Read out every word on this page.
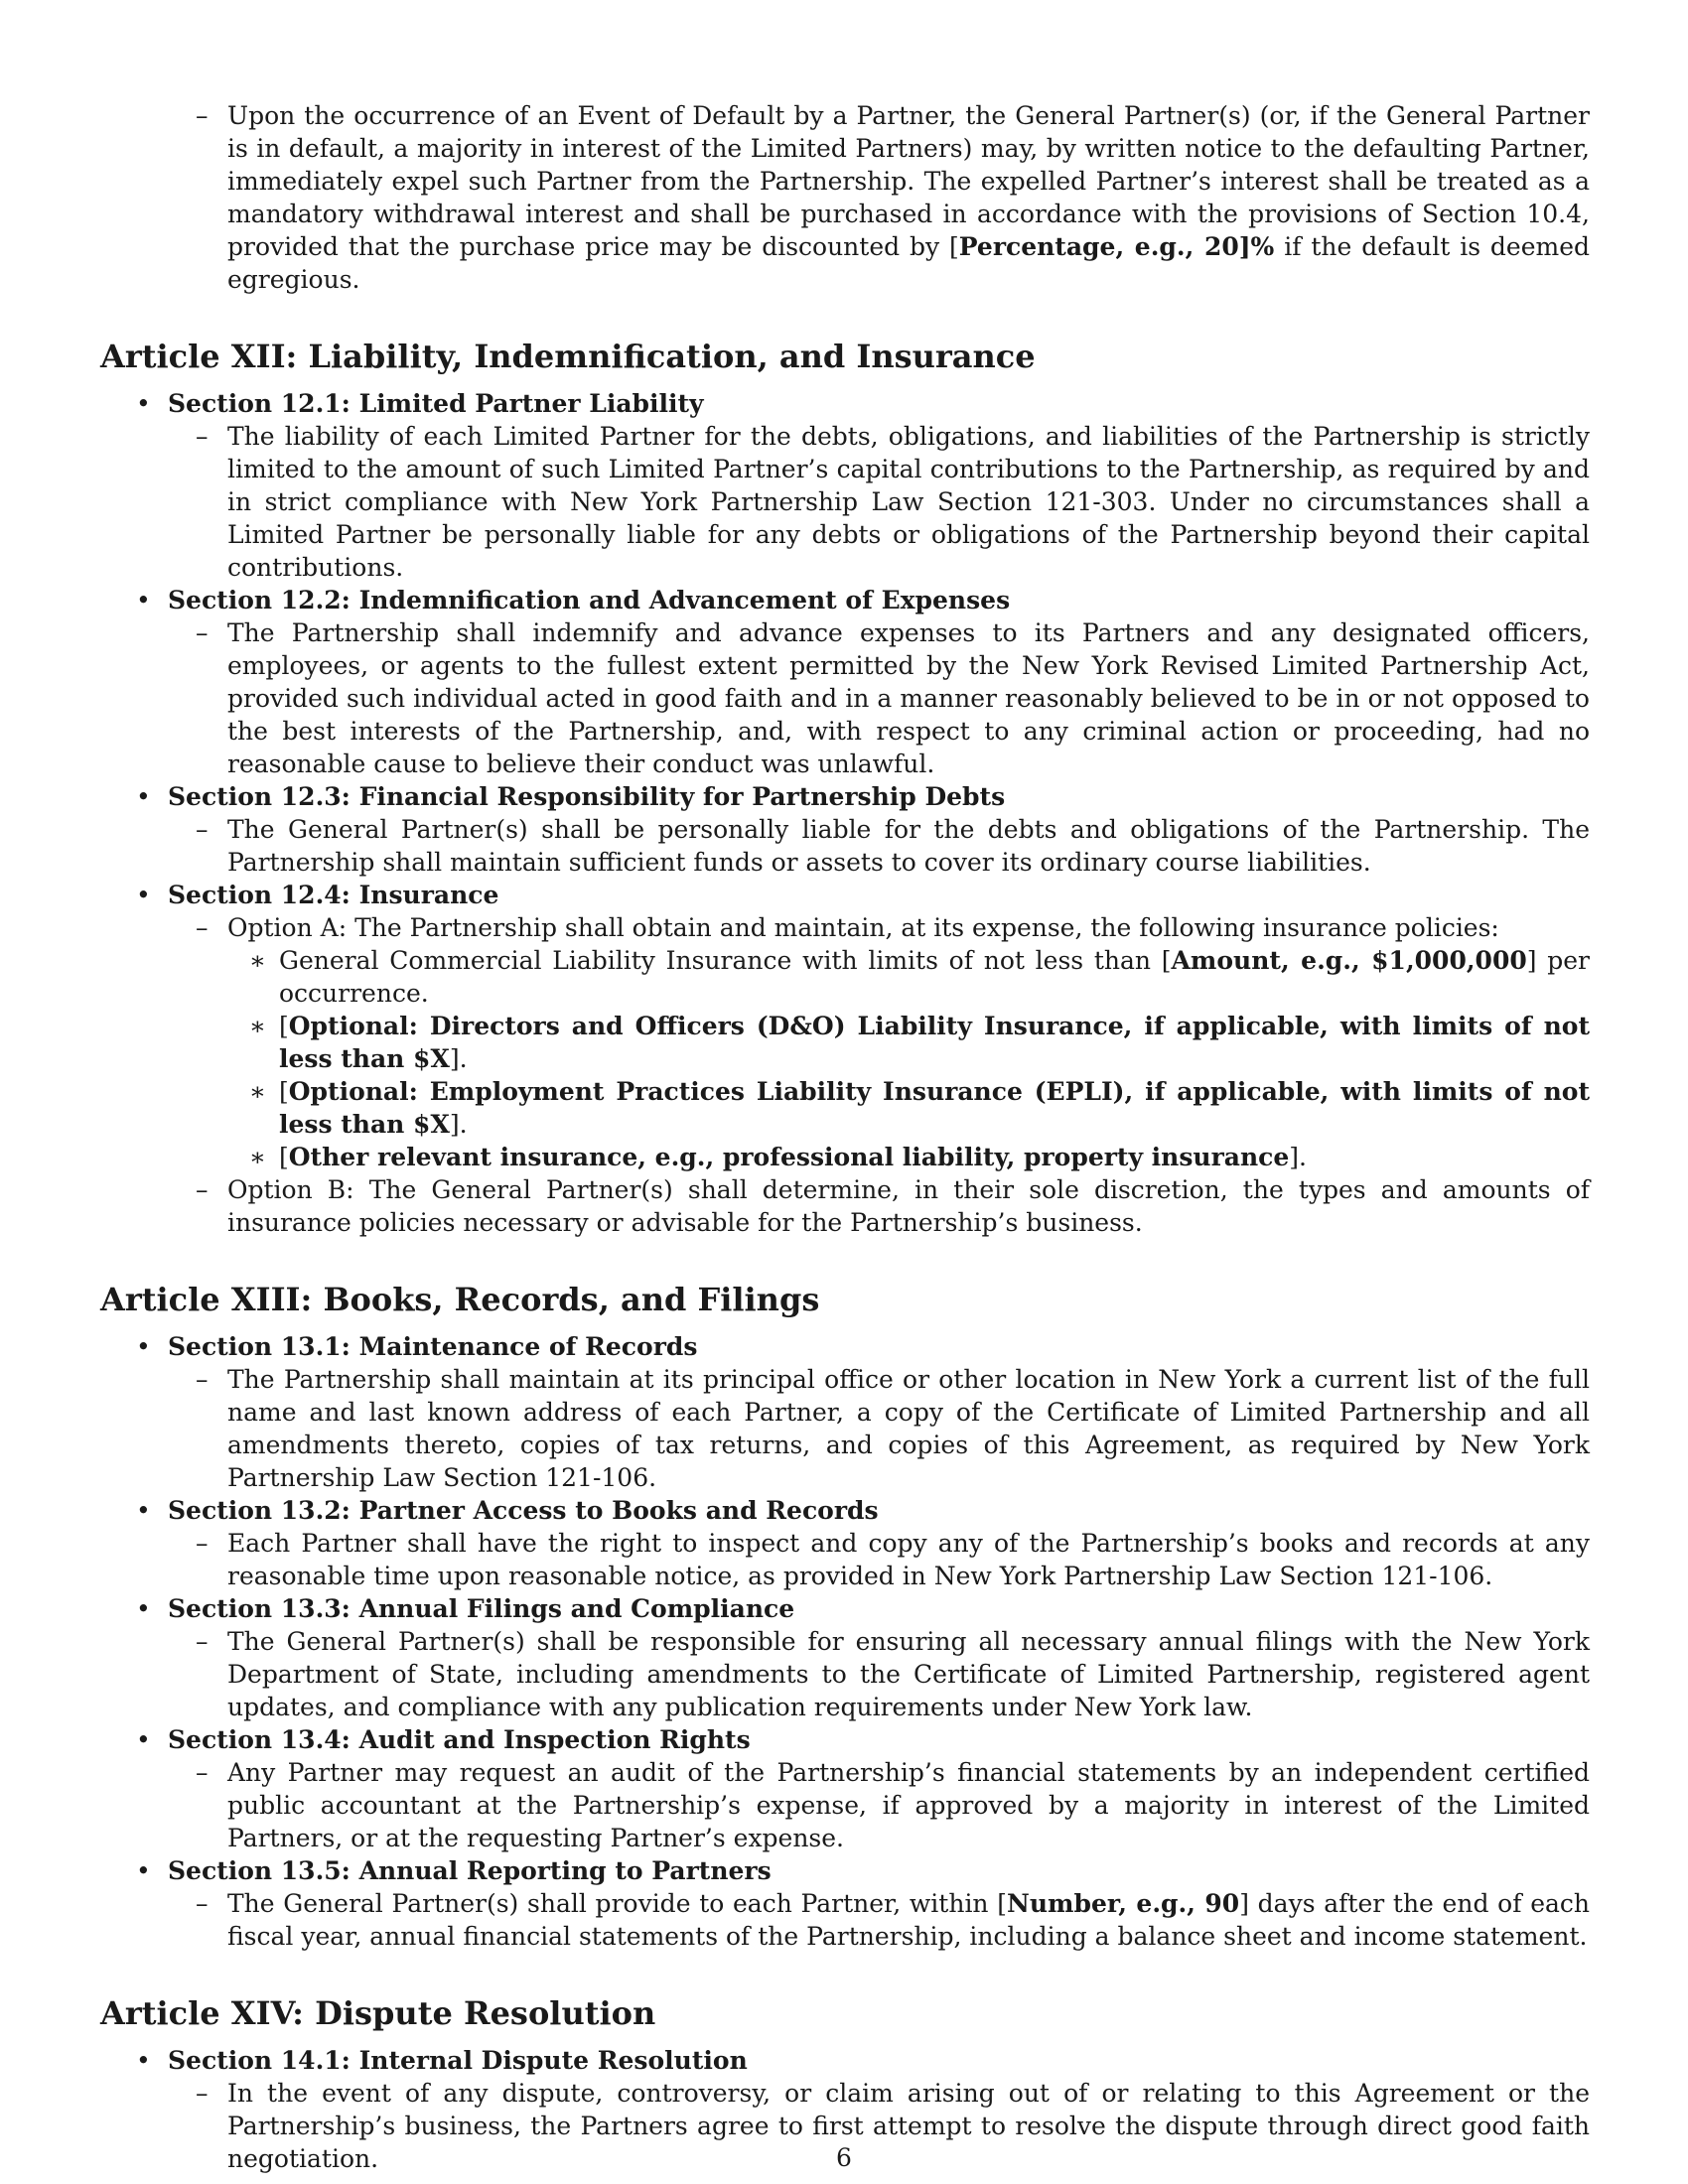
– Upon the occurrence of an Event of Default by a Partner, the General Partner(s) (or, if the General Partner is in default, a majority in interest of the Limited Partners) may, by written notice to the defaulting Partner, immediately expel such Partner from the Partnership. The expelled Partner’s interest shall be treated as a mandatory withdrawal interest and shall be purchased in accordance with the provisions of Section 10.4, provided that the purchase price may be discounted by [Percentage, e.g., 20]% if the default is deemed egregious.
Article XII: Liability, Indemnification, and Insurance
• Section 12.1: Limited Partner Liability
– The liability of each Limited Partner for the debts, obligations, and liabilities of the Partnership is strictly limited to the amount of such Limited Partner’s capital contributions to the Partnership, as required by and in strict compliance with New York Partnership Law Section 121-303. Under no circumstances shall a Limited Partner be personally liable for any debts or obligations of the Partnership beyond their capital contributions.
• Section 12.2: Indemnification and Advancement of Expenses
– The Partnership shall indemnify and advance expenses to its Partners and any designated officers, employees, or agents to the fullest extent permitted by the New York Revised Limited Partnership Act, provided such individual acted in good faith and in a manner reasonably believed to be in or not opposed to the best interests of the Partnership, and, with respect to any criminal action or proceeding, had no reasonable cause to believe their conduct was unlawful.
• Section 12.3: Financial Responsibility for Partnership Debts
– The General Partner(s) shall be personally liable for the debts and obligations of the Partnership. The Partnership shall maintain sufficient funds or assets to cover its ordinary course liabilities.
• Section 12.4: Insurance
– Option A: The Partnership shall obtain and maintain, at its expense, the following insurance policies:
∗ General Commercial Liability Insurance with limits of not less than [Amount, e.g., $1,000,000] per occurrence.
∗ [Optional: Directors and Officers (D&O) Liability Insurance, if applicable, with limits of not less than $X].
∗ [Optional: Employment Practices Liability Insurance (EPLI), if applicable, with limits of not less than $X].
∗ [Other relevant insurance, e.g., professional liability, property insurance].
– Option B: The General Partner(s) shall determine, in their sole discretion, the types and amounts of insurance policies necessary or advisable for the Partnership’s business.
Article XIII: Books, Records, and Filings
• Section 13.1: Maintenance of Records
– The Partnership shall maintain at its principal office or other location in New York a current list of the full name and last known address of each Partner, a copy of the Certificate of Limited Partnership and all amendments thereto, copies of tax returns, and copies of this Agreement, as required by New York Partnership Law Section 121-106.
• Section 13.2: Partner Access to Books and Records
– Each Partner shall have the right to inspect and copy any of the Partnership’s books and records at any reasonable time upon reasonable notice, as provided in New York Partnership Law Section 121-106.
• Section 13.3: Annual Filings and Compliance
– The General Partner(s) shall be responsible for ensuring all necessary annual filings with the New York Department of State, including amendments to the Certificate of Limited Partnership, registered agent updates, and compliance with any publication requirements under New York law.
• Section 13.4: Audit and Inspection Rights
– Any Partner may request an audit of the Partnership’s financial statements by an independent certified public accountant at the Partnership’s expense, if approved by a majority in interest of the Limited Partners, or at the requesting Partner’s expense.
• Section 13.5: Annual Reporting to Partners
– The General Partner(s) shall provide to each Partner, within [Number, e.g., 90] days after the end of each fiscal year, annual financial statements of the Partnership, including a balance sheet and income statement.
Article XIV: Dispute Resolution
• Section 14.1: Internal Dispute Resolution
– In the event of any dispute, controversy, or claim arising out of or relating to this Agreement or the Partnership’s business, the Partners agree to first attempt to resolve the dispute through direct good faith negotiation.	6
